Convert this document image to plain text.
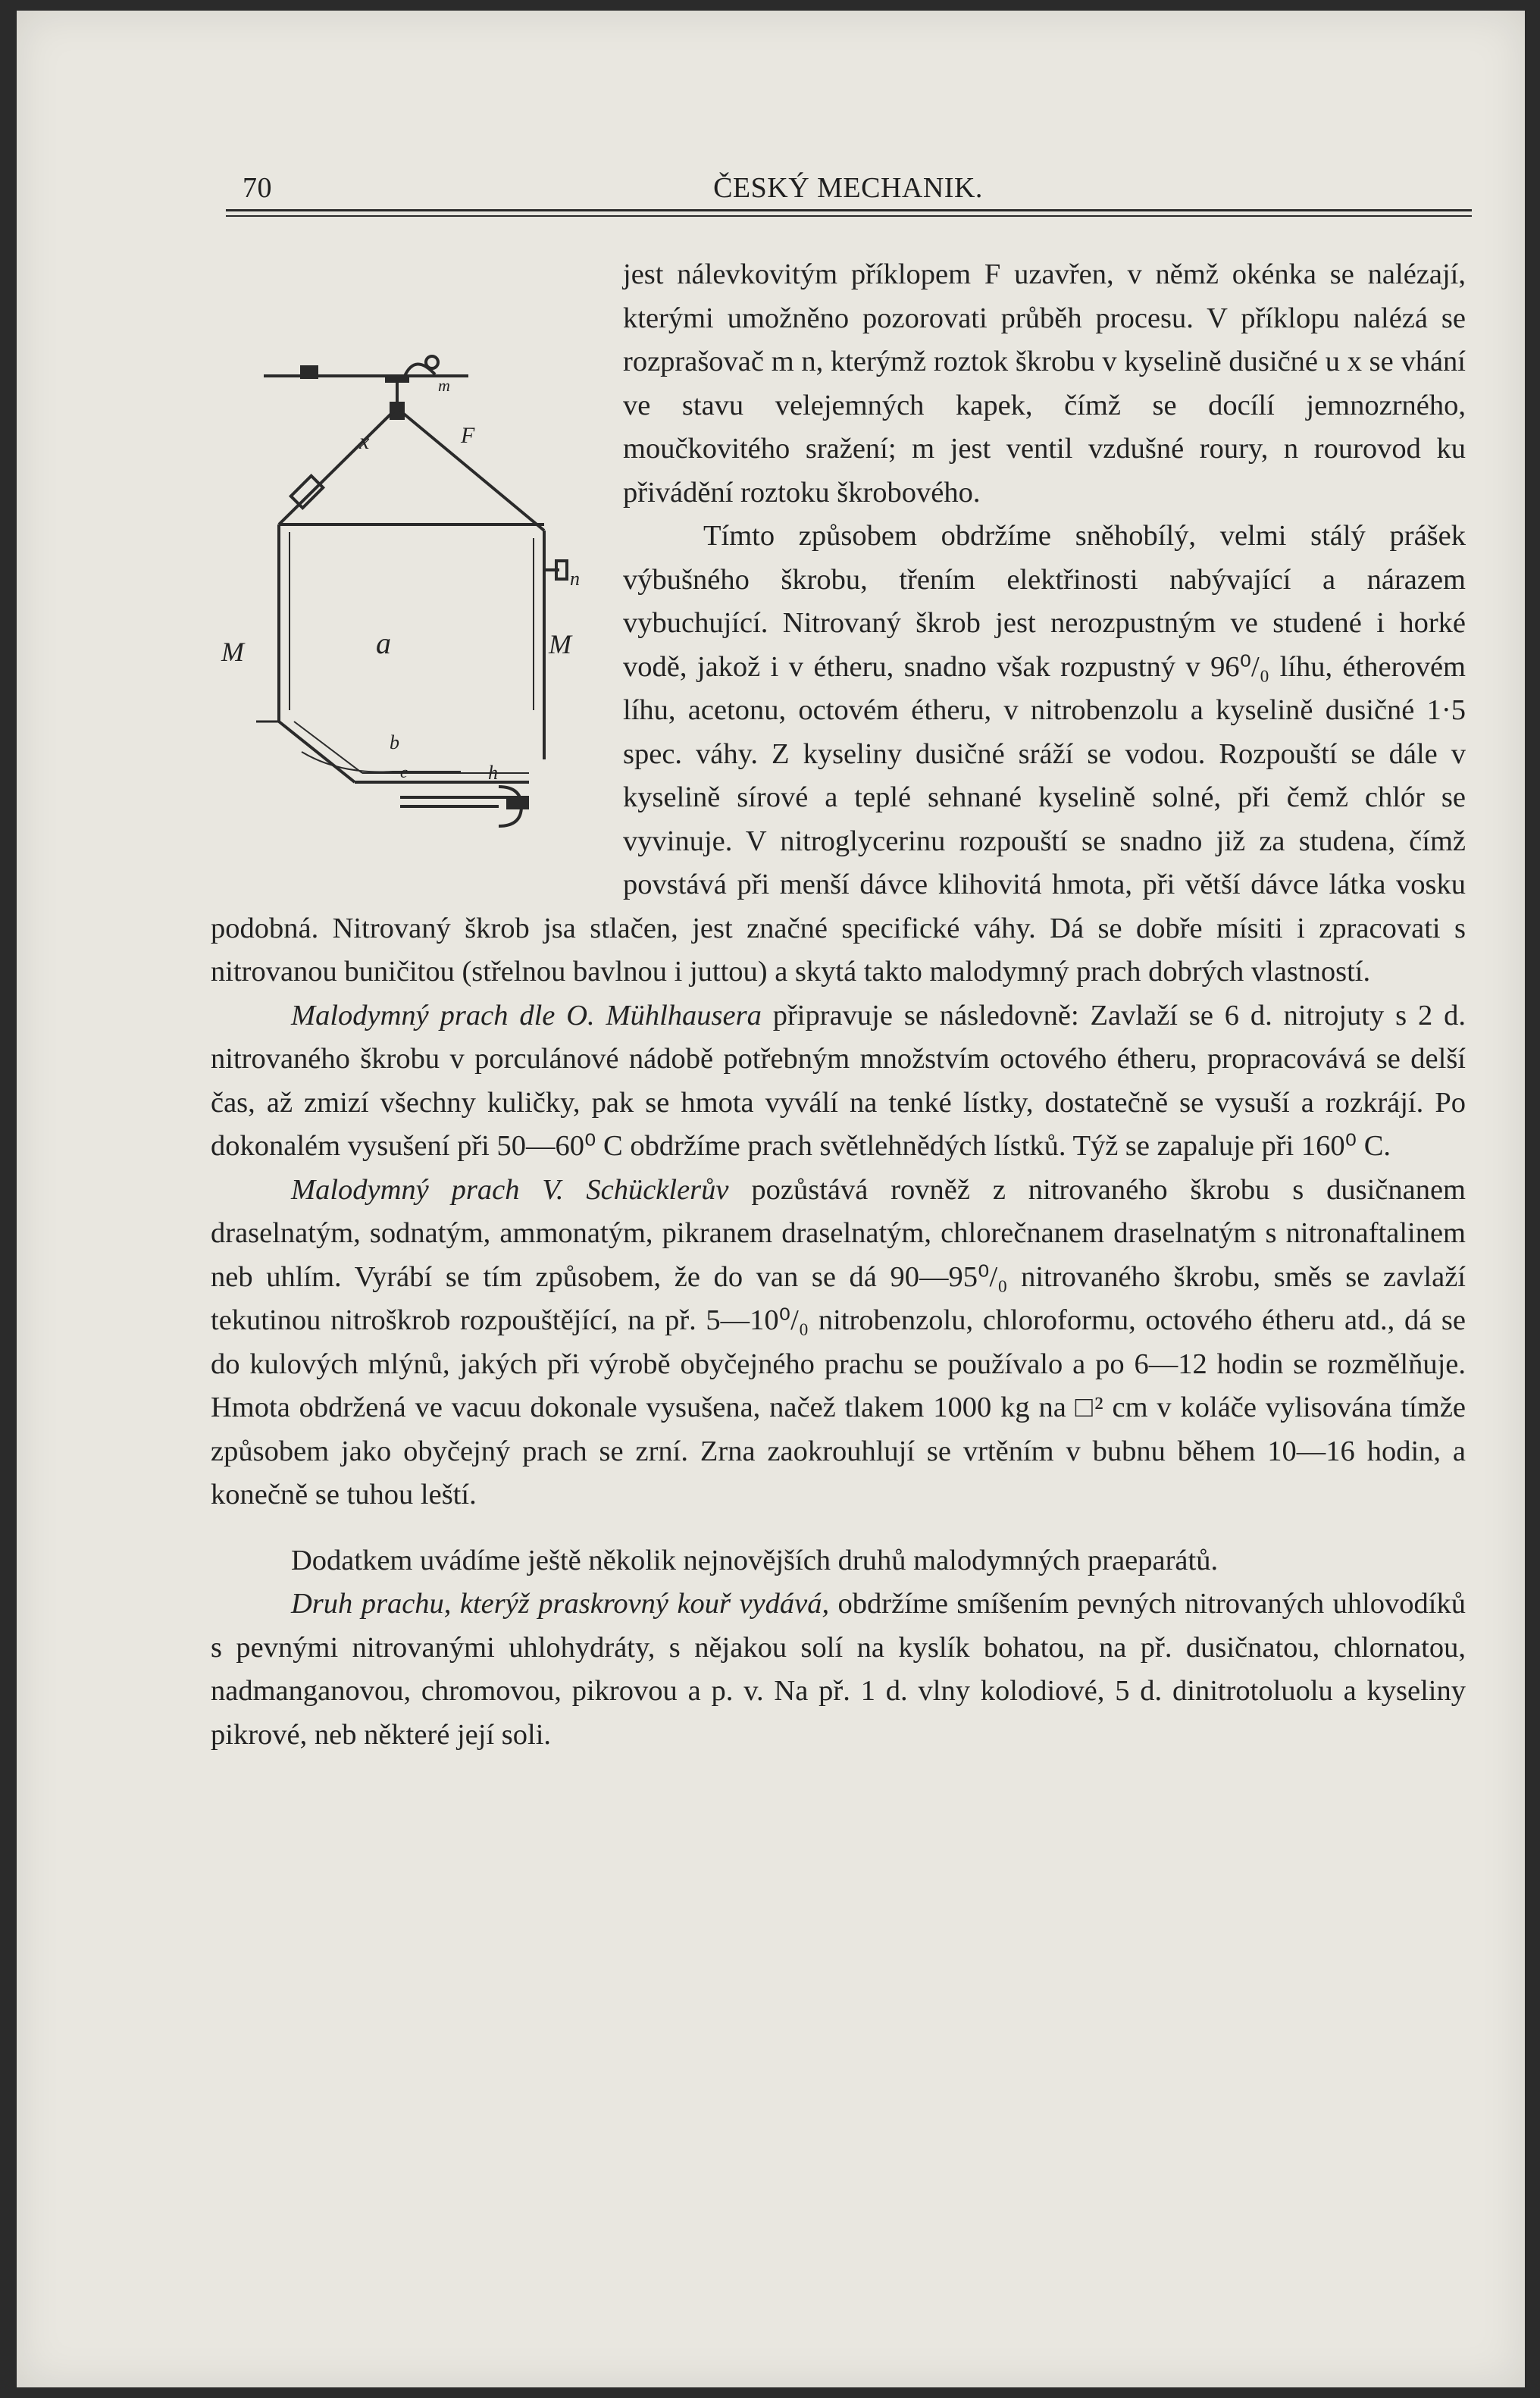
70	ČESKÝ MECHANIK.
x	F
m
n
a
M	M
b
c	h

jest nálevkovitým příklopem F uzavřen, v němž okénka se nalézají, kterými umožněno pozorovati průběh procesu. V příklopu nalézá se rozprašovač m n, kterýmž roztok škrobu v kyselině dusičné u x se vhání ve stavu velejemných kapek, čímž se docílí jemnozrného, moučkovitého sražení; m jest ventil vzdušné roury, n rourovod ku přivádění roztoku škrobového.

Tímto způsobem obdržíme sněhobílý, velmi stálý prášek výbušného škrobu, třením elektřinosti nabývající a nárazem vybuchující. Nitrovaný škrob jest nerozpustným ve studené i horké vodě, jakož i v étheru, snadno však rozpustný v 96⁰/₀ líhu, étherovém líhu, acetonu, octovém étheru, v nitrobenzolu a kyselině dusičné 1·5 spec. váhy. Z kyseliny dusičné sráží se vodou. Rozpouští se dále v kyselině sírové a teplé sehnané kyselině solné, při čemž chlór se vyvinuje. V nitroglycerinu rozpouští se snadno již za studena, čímž povstává při menší dávce klihovitá hmota, při větší dávce látka vosku podobná. Nitrovaný škrob jsa stlačen, jest značné specifické váhy. Dá se dobře mísiti i zpracovati s nitrovanou buničitou (střelnou bavlnou i juttou) a skytá takto malodymný prach dobrých vlastností.

Malodymný prach dle O. Mühlhausera připravuje se následovně: Zavlaží se 6 d. nitrojuty s 2 d. nitrovaného škrobu v porculánové nádobě potřebným množstvím octového étheru, propracovává se delší čas, až zmizí všechny kuličky, pak se hmota vyválí na tenké lístky, dostatečně se vysuší a rozkrájí. Po dokonalém vysušení při 50—60⁰ C obdržíme prach světlehnědých lístků. Týž se zapaluje při 160⁰ C.

Malodymný prach V. Schücklerův pozůstává rovněž z nitrovaného škrobu s dusičnanem draselnatým, sodnatým, ammonatým, pikranem draselnatým, chlorečnanem draselnatým s nitronaftalinem neb uhlím. Vyrábí se tím způsobem, že do van se dá 90—95⁰/₀ nitrovaného škrobu, směs se zavlaží tekutinou nitroškrob rozpouštějící, na př. 5—10⁰/₀ nitrobenzolu, chloroformu, octového étheru atd., dá se do kulových mlýnů, jakých při výrobě obyčejného prachu se používalo a po 6—12 hodin se rozmělňuje. Hmota obdržená ve vacuu dokonale vysušena, načež tlakem 1000 kg na □² cm v koláče vylisována tímže způsobem jako obyčejný prach se zrní. Zrna zaokrouhlují se vrtěním v bubnu během 10—16 hodin, a konečně se tuhou leští.

Dodatkem uvádíme ještě několik nejnovějších druhů malodymných praeparátů.

Druh prachu, kterýž praskrovný kouř vydává, obdržíme smíšením pevných nitrovaných uhlovodíků s pevnými nitrovanými uhlohydráty, s nějakou solí na kyslík bohatou, na př. dusičnatou, chlornatou, nadmanganovou, chromovou, pikrovou a p. v. Na př. 1 d. vlny kolodiové, 5 d. dinitrotoluolu a kyseliny pikrové, neb některé její soli.
